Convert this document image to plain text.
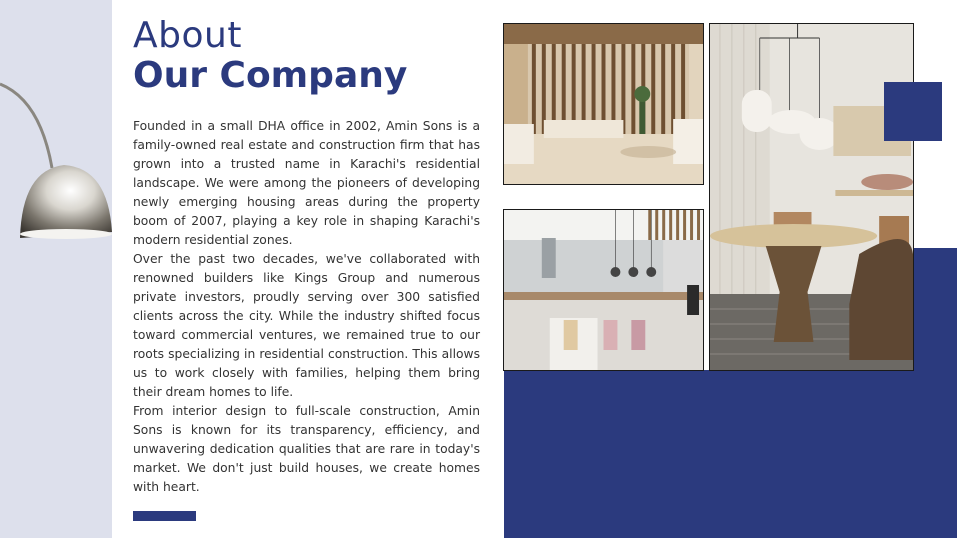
About
Our Company

Founded in a small DHA office in 2002, Amin Sons is a family-owned real estate and construction firm that has grown into a trusted name in Karachi's residential landscape. We were among the pioneers of developing newly emerging housing areas during the property boom of 2007, playing a key role in shaping Karachi's modern residential zones.

Over the past two decades, we've collaborated with renowned builders like Kings Group and numerous private investors, proudly serving over 300 satisfied clients across the city. While the industry shifted focus toward commercial ventures, we remained true to our roots specializing in residential construction. This allows us to work closely with families, helping them bring their dream homes to life.

From interior design to full-scale construction, Amin Sons is known for its transparency, efficiency, and unwavering dedication qualities that are rare in today's market. We don't just build houses, we create homes with heart.
